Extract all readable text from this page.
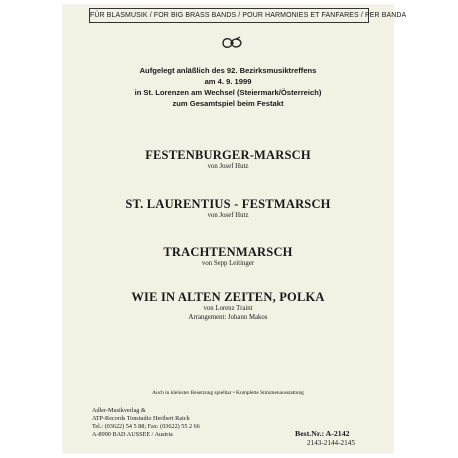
FÜR BLASMUSIK / FOR BIG BRASS BANDS / POUR HARMONIES ET FANFARES / PER BANDA
Aufgelegt anläßlich des 92. Bezirksmusiktreffens
am 4. 9. 1999
in St. Lorenzen am Wechsel (Steiermark/Österreich)
zum Gesamtspiel beim Festakt
FESTENBURGER-MARSCH
von Josef Hutz
ST. LAURENTIUS - FESTMARSCH
von Josef Hutz
TRACHTENMARSCH
von Sepp Leitinger
WIE IN ALTEN ZEITEN, POLKA
von Lorenz Traint
Arrangement: Johann Makos
Auch in kleinster Besetzung spielbar • Komplette Stimmenausstattung
Adler-Musikverlag &
ATP-Records Tonstudio Heribert Raich
Tel.: (03622) 54 5 88; Fax: (03622) 55 2 66
A-8990 BAD AUSSEE / Austria	Best.Nr.: A-2142
2143-2144-2145
